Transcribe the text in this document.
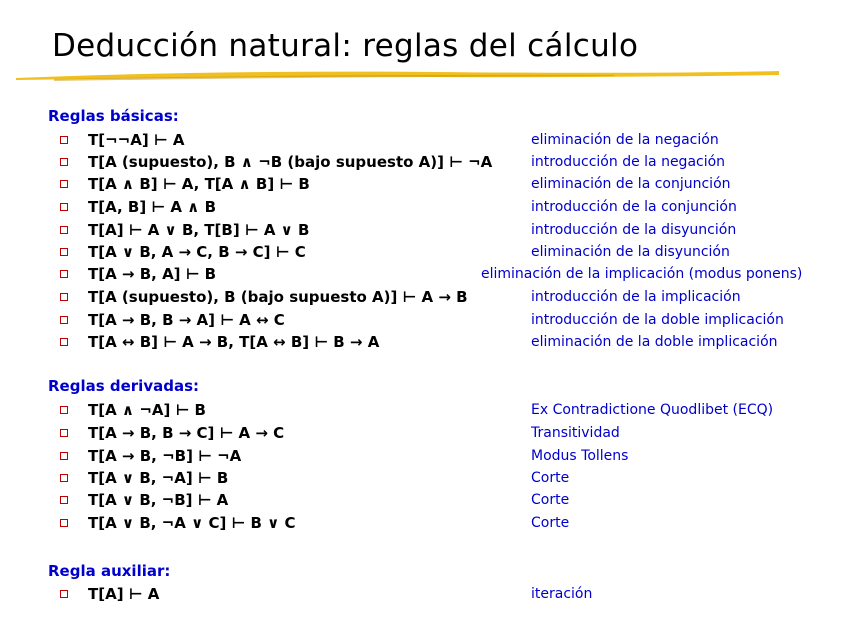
Deducción natural: reglas del cálculo
Reglas básicas:
T[¬¬A] ⊢ A	eliminación de la negación
T[A (supuesto), B ∧ ¬B (bajo supuesto A)] ⊢ ¬A	introducción de la negación
T[A ∧ B] ⊢ A, T[A ∧ B] ⊢ B	eliminación de la conjunción
T[A, B] ⊢ A ∧ B	introducción de la conjunción
T[A] ⊢ A ∨ B, T[B] ⊢ A ∨ B	introducción de la disyunción
T[A ∨ B, A → C, B → C] ⊢ C	eliminación de la disyunción
T[A → B, A] ⊢ B	eliminación de la implicación (modus ponens)
T[A (supuesto), B (bajo supuesto A)] ⊢ A → B	introducción de la implicación
T[A → B, B → A] ⊢ A ↔ C	introducción de la doble implicación
T[A ↔ B] ⊢ A → B, T[A ↔ B] ⊢ B → A	eliminación de la doble implicación
Reglas derivadas:
T[A ∧ ¬A] ⊢ B	Ex Contradictione Quodlibet (ECQ)
T[A → B, B → C] ⊢ A → C	Transitividad
T[A → B, ¬B] ⊢ ¬A	Modus Tollens
T[A ∨ B, ¬A] ⊢ B	Corte
T[A ∨ B, ¬B] ⊢ A	Corte
T[A ∨ B, ¬A ∨ C] ⊢ B ∨ C	Corte
Regla auxiliar:
T[A] ⊢ A	iteración
